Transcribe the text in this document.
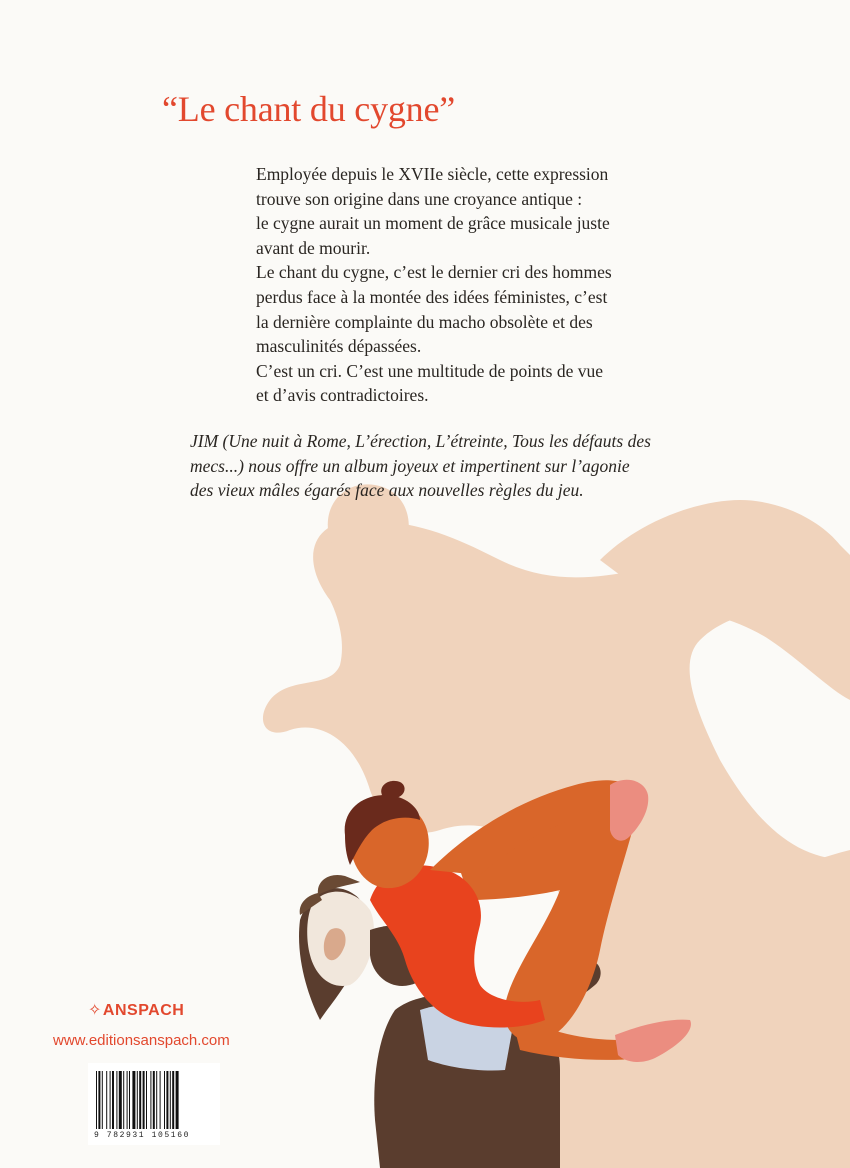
“Le chant du cygne”
Employée depuis le XVIIe siècle, cette expression
trouve son origine dans une croyance antique :
le cygne aurait un moment de grâce musicale juste
avant de mourir.
Le chant du cygne, c’est le dernier cri des hommes
perdus face à la montée des idées féministes, c’est
la dernière complainte du macho obsolète et des
masculinités dépassées.
C’est un cri. C’est une multitude de points de vue
et d’avis contradictoires.
JIM (Une nuit à Rome, L’érection, L’étreinte, Tous les défauts des
mecs...) nous offre un album joyeux et impertinent sur l’agonie
des vieux mâles égarés face aux nouvelles règles du jeu.
✧ANSPACH
www.editionsanspach.com
9 782931 105160
